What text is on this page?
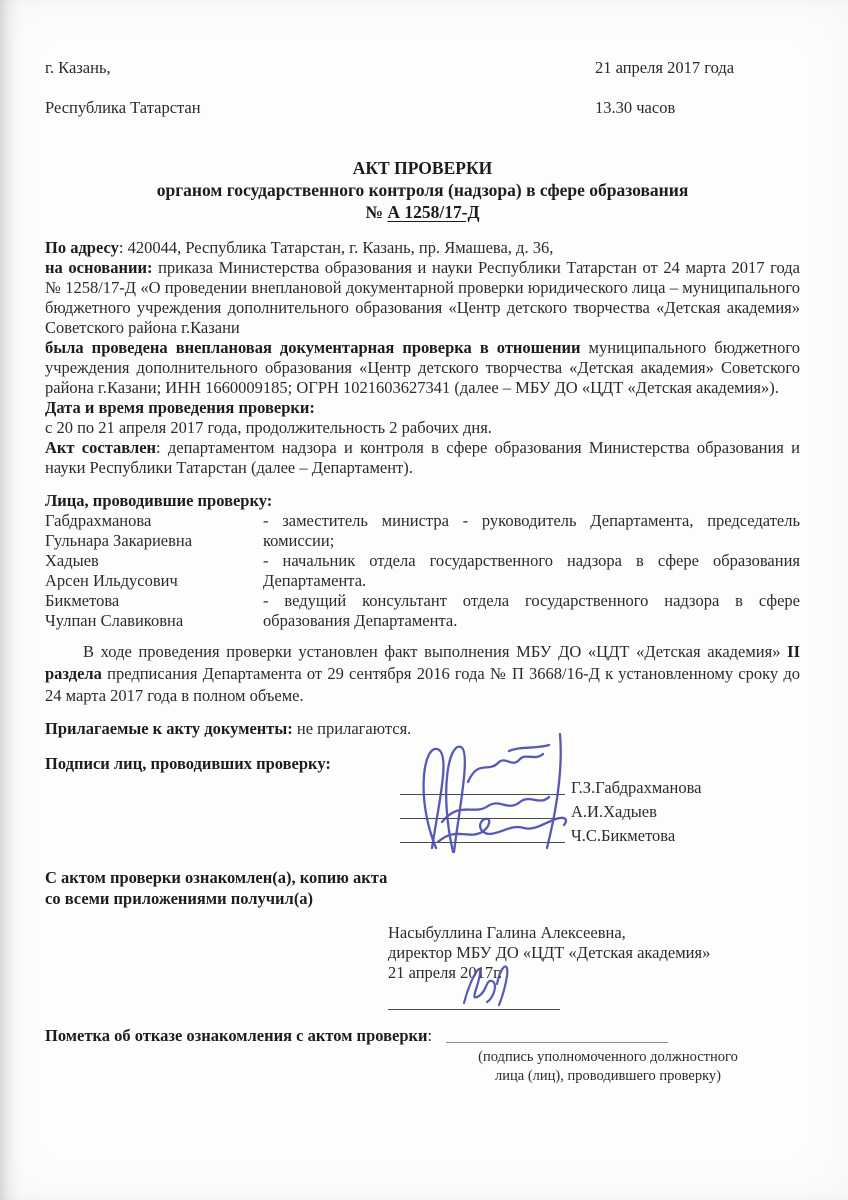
г. Казань,

Республика Татарстан

21 апреля 2017 года

13.30 часов

АКТ ПРОВЕРКИ
органом государственного контроля (надзора) в сфере образования
№ А 1258/17-Д

По адресу: 420044, Республика Татарстан, г. Казань, пр. Ямашева, д. 36,

на основании: приказа Министерства образования и науки Республики Татарстан от 24 марта 2017 года № 1258/17-Д «О проведении внеплановой документарной проверки юридического лица – муниципального бюджетного учреждения дополнительного образования «Центр детского творчества «Детская академия» Советского района г.Казани

была проведена внеплановая документарная проверка в отношении муниципального бюджетного учреждения дополнительного образования «Центр детского творчества «Детская академия» Советского района г.Казани; ИНН 1660009185; ОГРН 1021603627341 (далее – МБУ ДО «ЦДТ «Детская академия»).

Дата и время проведения проверки:

с 20 по 21 апреля 2017 года, продолжительность 2 рабочих дня.

Акт составлен: департаментом надзора и контроля в сфере образования Министерства образования и науки Республики Татарстан (далее – Департамент).

Лица, проводившие проверку:

Габдрахманова
Гульнара Закариевна
- заместитель министра - руководитель Департамента, председатель комиссии;
Хадыев
Арсен Ильдусович
- начальник отдела государственного надзора в сфере образования Департамента.
Бикметова
Чулпан Славиковна
- ведущий консультант отдела государственного надзора в сфере образования Департамента.

В ходе проведения проверки установлен факт выполнения МБУ ДО «ЦДТ «Детская академия» II раздела предписания Департамента от 29 сентября 2016 года № П 3668/16-Д к установленному сроку до 24 марта 2017 года в полном объеме.

Прилагаемые к акту документы: не прилагаются.

Подписи лиц, проводивших проверку:

Г.З.Габдрахманова
А.И.Хадыев
Ч.С.Бикметова
С актом проверки ознакомлен(а), копию акта
со всеми приложениями получил(а)
Насыбуллина Галина Алексеевна,
директор МБУ ДО «ЦДТ «Детская академия»
21 апреля 2017г.
Пометка об отказе ознакомления с актом проверки:
(подпись уполномоченного должностного
лица (лиц), проводившего проверку)
